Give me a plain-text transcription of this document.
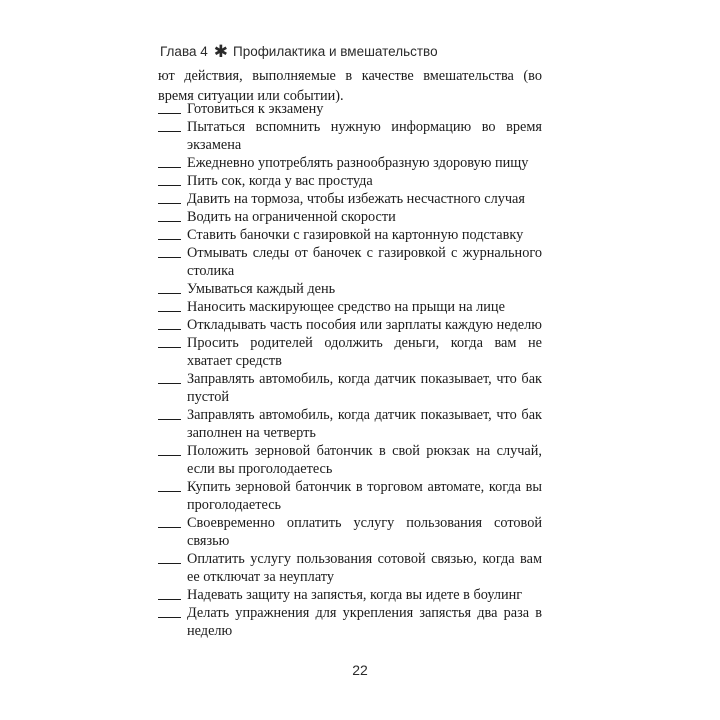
Глава 4 ✱ Профилактика и вмешательство
ют действия, выполняемые в качестве вмешательства (во время ситуации или событии).
Готовиться к экзамену
Пытаться вспомнить нужную информацию во время экзамена
Ежедневно употреблять разнообразную здоровую пищу
Пить сок, когда у вас простуда
Давить на тормоза, чтобы избежать несчастного случая
Водить на ограниченной скорости
Ставить баночки с газировкой на картонную подставку
Отмывать следы от баночек с газировкой с журнального столика
Умываться каждый день
Наносить маскирующее средство на прыщи на лице
Откладывать часть пособия или зарплаты каждую неделю
Просить родителей одолжить деньги, когда вам не хватает средств
Заправлять автомобиль, когда датчик показывает, что бак пустой
Заправлять автомобиль, когда датчик показывает, что бак заполнен на четверть
Положить зерновой батончик в свой рюкзак на случай, если вы проголодаетесь
Купить зерновой батончик в торговом автомате, когда вы проголодаетесь
Своевременно оплатить услугу пользования сотовой связью
Оплатить услугу пользования сотовой связью, когда вам ее отключат за неуплату
Надевать защиту на запястья, когда вы идете в боулинг
Делать упражнения для укрепления запястья два раза в неделю
22
